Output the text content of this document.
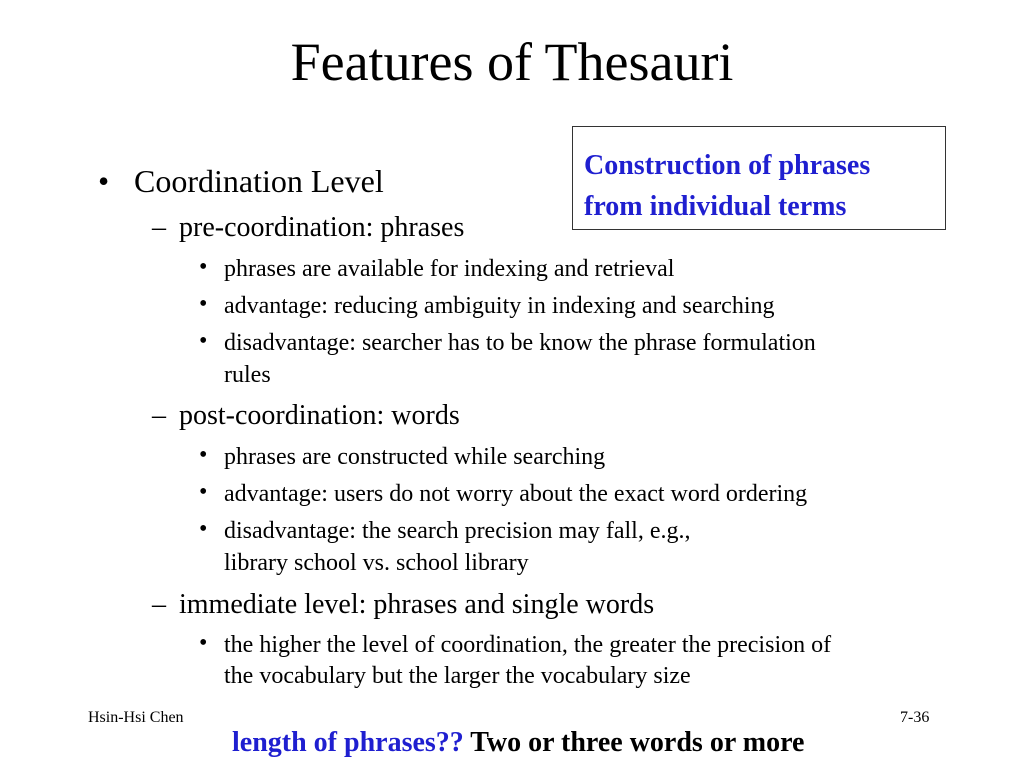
Features of Thesauri
Construction of phrases
from individual terms
• Coordination Level
– pre-coordination: phrases
• phrases are available for indexing and retrieval
• advantage: reducing ambiguity in indexing and searching
• disadvantage: searcher has to be know the phrase formulation
rules
– post-coordination: words
• phrases are constructed while searching
• advantage: users do not worry about the exact word ordering
• disadvantage: the search precision may fall, e.g.,
library school vs. school library
– immediate level: phrases and single words
• the higher the level of coordination, the greater the precision of
the vocabulary but the larger the vocabulary size
Hsin-Hsi Chen	7-36
length of phrases?? Two or three words or more
